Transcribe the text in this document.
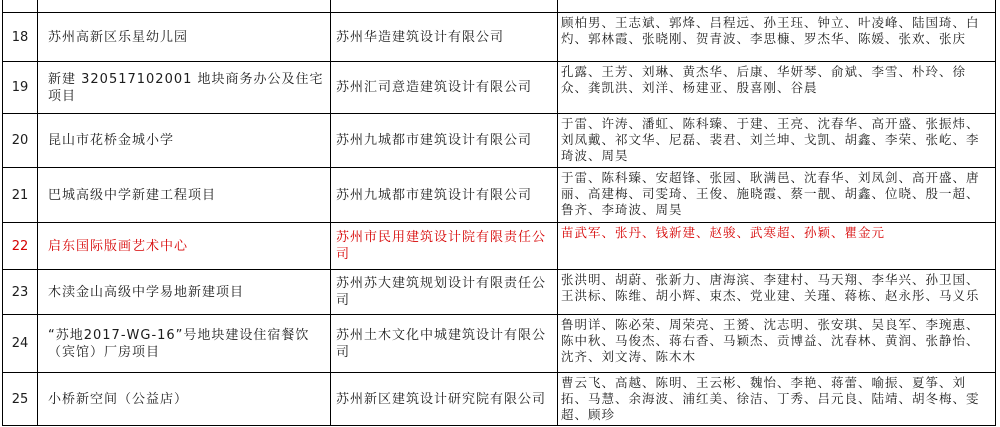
18	苏州高新区乐星幼儿园	苏州华造建筑设计有限公司	顾柏男、王志斌、郭烽、吕程远、孙王珏、钟立、叶凌峰、陆国琦、白灼、郭林霞、张晓刚、贺青波、李思槺、罗杰华、陈媛、张欢、张庆
19	新建 320517102001 地块商务办公及住宅项目	苏州汇司意造建筑设计有限公司	孔露、王芳、刘琳、黄杰华、后康、华妍琴、俞斌、李雪、朴玲、徐众、龚凯洪、刘洋、杨建亚、殷喜刚、谷晨
20	昆山市花桥金城小学	苏州九城都市建筑设计有限公司	于雷、许涛、潘虹、陈科臻、于建、王亮、沈春华、高开盛、张振炜、刘凤戴、祁文华、尼磊、裴君、刘兰坤、戈凯、胡鑫、李荣、张屹、李琦波、周昊
21	巴城高级中学新建工程项目	苏州九城都市建筑设计有限公司	于雷、陈科臻、安超锋、张园、耿满邑、沈春华、刘凤剑、高开盛、唐丽、高建梅、司雯琦、王俊、施晓霞、蔡一靓、胡鑫、位晓、殷一超、鲁齐、李琦波、周昊
22	启东国际版画艺术中心	苏州市民用建筑设计院有限责任公司	苗武军、张丹、钱新建、赵骏、武寒超、孙颖、瞿金元
23	木渎金山高级中学易地新建项目	苏州苏大建筑规划设计有限责任公司	张洪明、胡蔚、张新力、唐海滨、李建村、马天翔、李华兴、孙卫国、王洪标、陈维、胡小辉、束杰、党业建、关瑾、蒋栋、赵永彤、马义乐
24	“苏地2017-WG-16”号地块建设住宿餐饮（宾馆）厂房项目	苏州土木文化中城建筑设计有限公司	鲁明详、陈必荣、周荣亮、王赟、沈志明、张安琪、吴良军、李琬惠、陈中秋、马俊杰、蒋右香、马颖杰、贡博益、沈春林、黄润、张静怡、沈齐、刘文涛、陈木木
25	小桥新空间（公益店）	苏州新区建筑设计研究院有限公司	曹云飞、高越、陈明、王云彬、魏怡、李艳、蒋蕾、喻振、夏筝、刘拓、马慧、余海波、浦红美、徐洁、丁秀、吕元良、陆靖、胡冬梅、雯超、顾珍
